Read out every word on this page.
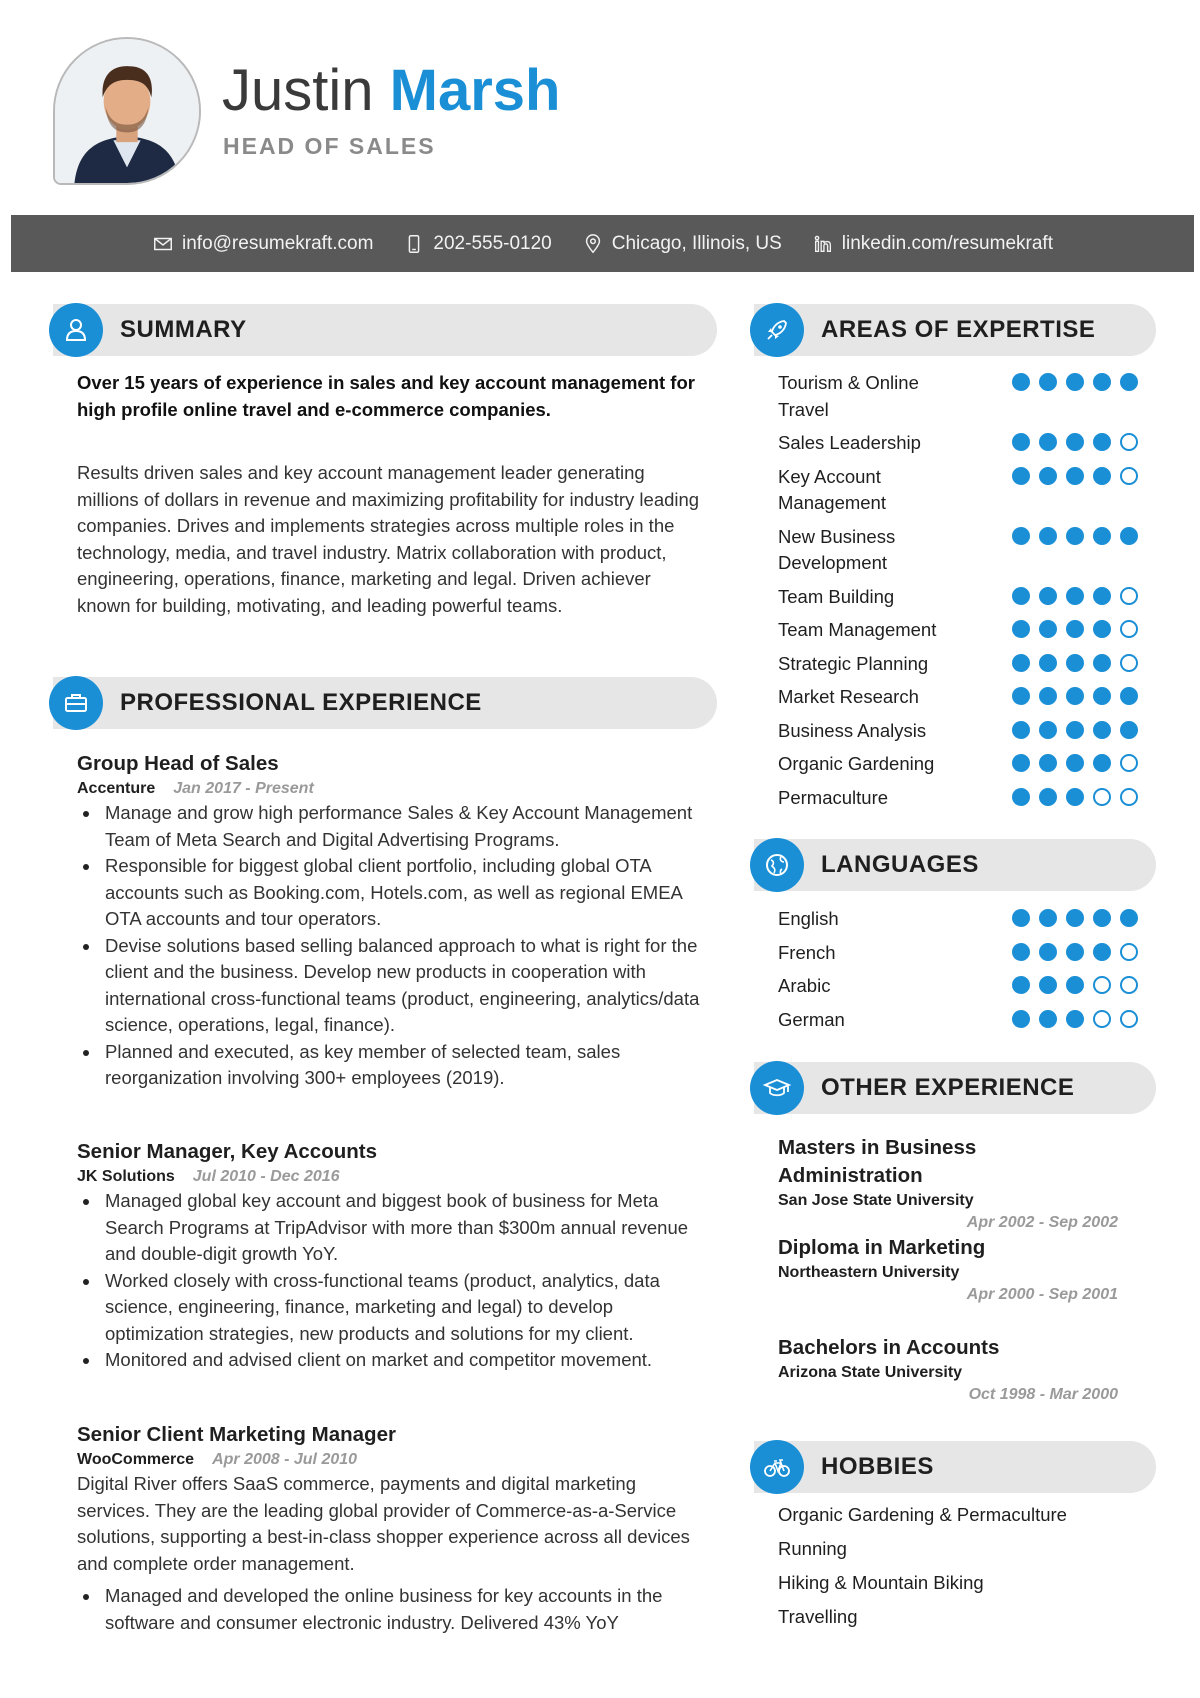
Justin Marsh
HEAD OF SALES
info@resumekraft.com	202-555-0120	Chicago, Illinois, US	linkedin.com/resumekraft
SUMMARY
Over 15 years of experience in sales and key account management for high profile online travel and e-commerce companies.
Results driven sales and key account management leader generating millions of dollars in revenue and maximizing profitability for industry leading companies. Drives and implements strategies across multiple roles in the technology, media, and travel industry. Matrix collaboration with product, engineering, operations, finance, marketing and legal. Driven achiever known for building, motivating, and leading powerful teams.
PROFESSIONAL EXPERIENCE
Group Head of Sales
Accenture Jan 2017 - Present
Manage and grow high performance Sales & Key Account Management Team of Meta Search and Digital Advertising Programs.
Responsible for biggest global client portfolio, including global OTA accounts such as Booking.com, Hotels.com, as well as regional EMEA OTA accounts and tour operators.
Devise solutions based selling balanced approach to what is right for the client and the business. Develop new products in cooperation with international cross-functional teams (product, engineering, analytics/data science, operations, legal, finance).
Planned and executed, as key member of selected team, sales reorganization involving 300+ employees (2019).
Senior Manager, Key Accounts
JK Solutions Jul 2010 - Dec 2016
Managed global key account and biggest book of business for Meta Search Programs at TripAdvisor with more than $300m annual revenue and double-digit growth YoY.
Worked closely with cross-functional teams (product, analytics, data science, engineering, finance, marketing and legal) to develop optimization strategies, new products and solutions for my client.
Monitored and advised client on market and competitor movement.
Senior Client Marketing Manager
WooCommerce Apr 2008 - Jul 2010
Digital River offers SaaS commerce, payments and digital marketing services. They are the leading global provider of Commerce-as-a-Service solutions, supporting a best-in-class shopper experience across all devices and complete order management.
Managed and developed the online business for key accounts in the software and consumer electronic industry. Delivered 43% YoY
AREAS OF EXPERTISE
Tourism & Online Travel
Sales Leadership
Key Account Management
New Business Development
Team Building
Team Management
Strategic Planning
Market Research
Business Analysis
Organic Gardening
Permaculture
LANGUAGES
English
French
Arabic
German
OTHER EXPERIENCE
Masters in Business Administration
San Jose State University
Apr 2002 - Sep 2002
Diploma in Marketing
Northeastern University
Apr 2000 - Sep 2001
Bachelors in Accounts
Arizona State University
Oct 1998 - Mar 2000
HOBBIES
Organic Gardening & Permaculture
Running
Hiking & Mountain Biking
Travelling
